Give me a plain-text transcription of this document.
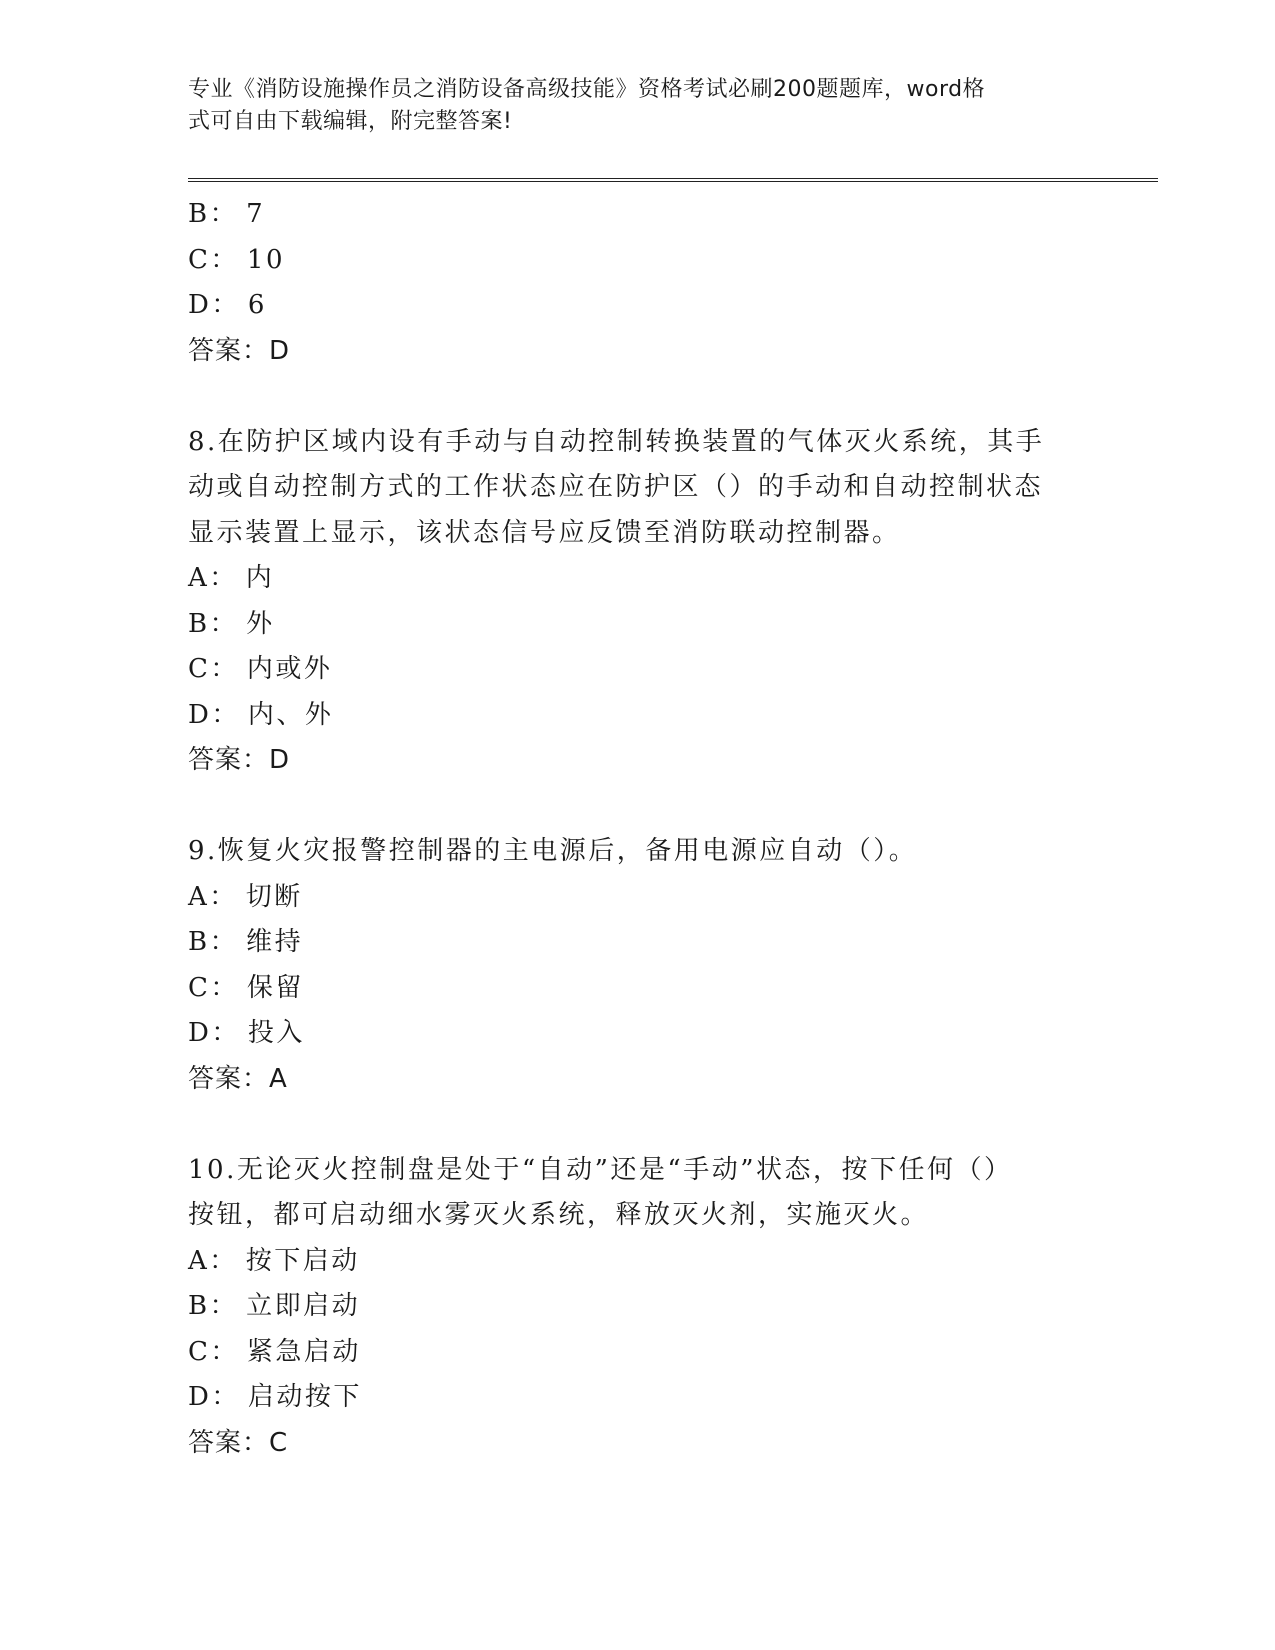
专业《消防设施操作员之消防设备高级技能》资格考试必刷200题题库，word格
式可自由下载编辑，附完整答案!
B： 7
C： 10
D： 6
答案：D
8.在防护区域内设有手动与自动控制转换装置的气体灭火系统，其手
动或自动控制方式的工作状态应在防护区（）的手动和自动控制状态
显示装置上显示，该状态信号应反馈至消防联动控制器。
A： 内
B： 外
C： 内或外
D： 内、外
答案：D
9.恢复火灾报警控制器的主电源后，备用电源应自动（）。
A： 切断
B： 维持
C： 保留
D： 投入
答案：A
10.无论灭火控制盘是处于“自动”还是“手动”状态，按下任何（）
按钮，都可启动细水雾灭火系统，释放灭火剂，实施灭火。
A： 按下启动
B： 立即启动
C： 紧急启动
D： 启动按下
答案：C
